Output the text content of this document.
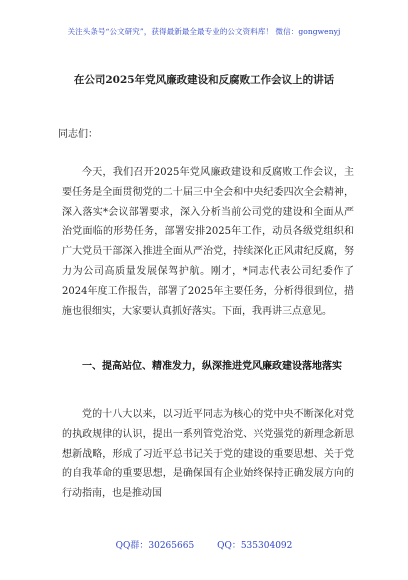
关注头条号“公文研究”，获得最新最全最专业的公文资料库！ 微信：gongwenyj
在公司2025年党风廉政建设和反腐败工作会议上的讲话
同志们：

今天，我们召开2025年党风廉政建设和反腐败工作会议，主要任务是全面贯彻党的二十届三中全会和中央纪委四次全会精神，深入落实*会议部署要求，深入分析当前公司党的建设和全面从严治党面临的形势任务，部署安排2025年工作，动员各级党组织和广大党员干部深入推进全面从严治党，持续深化正风肃纪反腐，努力为公司高质量发展保驾护航。刚才，*同志代表公司纪委作了2024年度工作报告，部署了2025年主要任务，分析得很到位，措施也很细实，大家要认真抓好落实。下面，我再讲三点意见。

一、提高站位、精准发力，纵深推进党风廉政建设落地落实

党的十八大以来，以习近平同志为核心的党中央不断深化对党的执政规律的认识，提出一系列管党治党、兴党强党的新理念新思想新战略，形成了习近平总书记关于党的建设的重要思想、关于党的自我革命的重要思想，是确保国有企业始终保持正确发展方向的行动指南，也是推动国

QQ群：30265665	QQ：535304092
